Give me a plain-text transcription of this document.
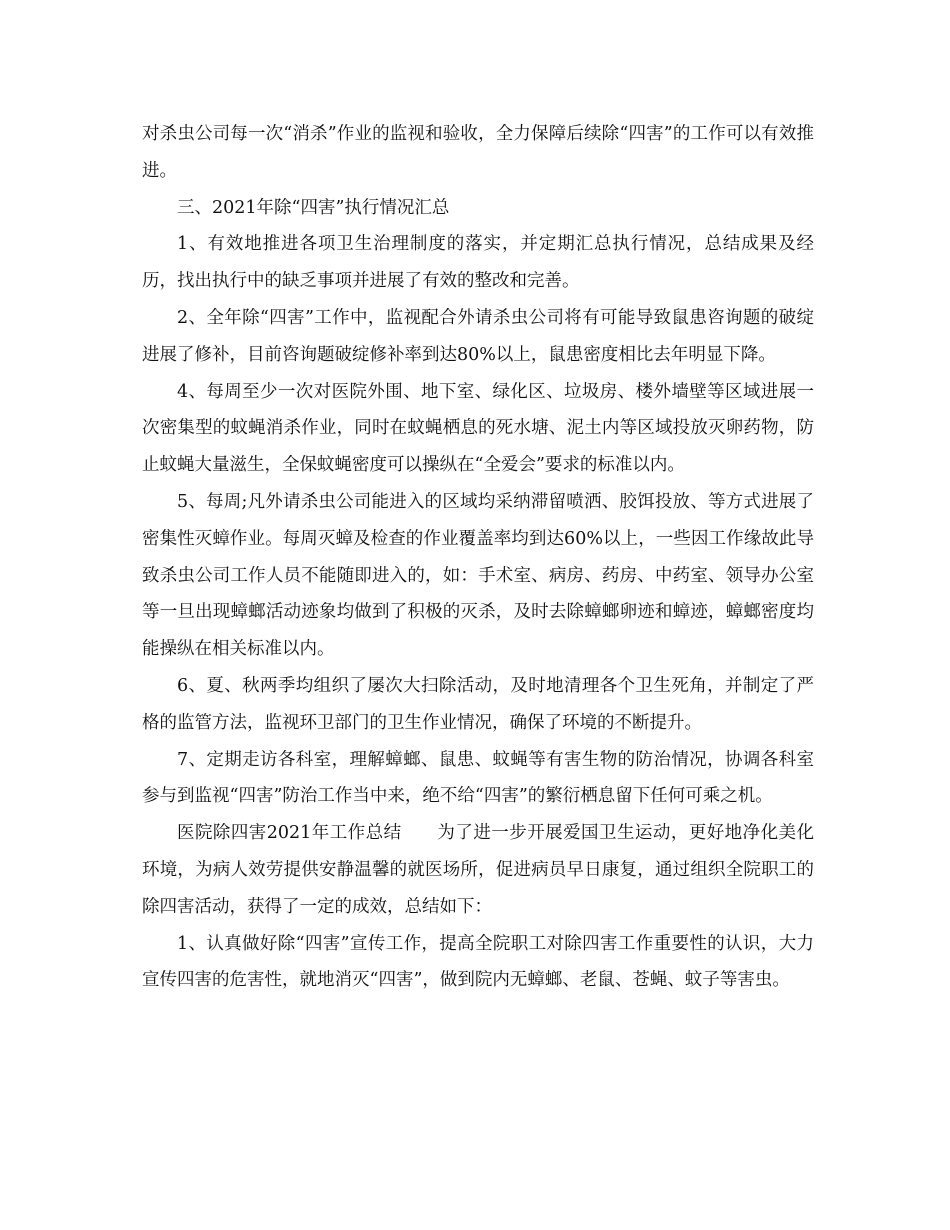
对杀虫公司每一次“消杀”作业的监视和验收，全力保障后续除“四害”的工作可以有效推进。

三、2021年除“四害”执行情况汇总

1、有效地推进各项卫生治理制度的落实，并定期汇总执行情况，总结成果及经历，找出执行中的缺乏事项并进展了有效的整改和完善。

2、全年除“四害”工作中，监视配合外请杀虫公司将有可能导致鼠患咨询题的破绽进展了修补，目前咨询题破绽修补率到达80%以上，鼠患密度相比去年明显下降。

4、每周至少一次对医院外围、地下室、绿化区、垃圾房、楼外墙壁等区域进展一次密集型的蚊蝇消杀作业，同时在蚊蝇栖息的死水塘、泥土内等区域投放灭卵药物，防止蚊蝇大量滋生，全保蚊蝇密度可以操纵在“全爱会”要求的标准以内。

5、每周;凡外请杀虫公司能进入的区域均采纳滞留喷洒、胶饵投放、等方式进展了密集性灭蟑作业。每周灭蟑及检查的作业覆盖率均到达60%以上，一些因工作缘故此导致杀虫公司工作人员不能随即进入的，如：手术室、病房、药房、中药室、领导办公室等一旦出现蟑螂活动迹象均做到了积极的灭杀，及时去除蟑螂卵迹和蟑迹，蟑螂密度均能操纵在相关标准以内。

6、夏、秋两季均组织了屡次大扫除活动，及时地清理各个卫生死角，并制定了严格的监管方法，监视环卫部门的卫生作业情况，确保了环境的不断提升。

7、定期走访各科室，理解蟑螂、鼠患、蚊蝇等有害生物的防治情况，协调各科室参与到监视“四害”防治工作当中来，绝不给“四害”的繁衍栖息留下任何可乘之机。

医院除四害2021年工作总结　　为了进一步开展爱国卫生运动，更好地净化美化环境，为病人效劳提供安静温馨的就医场所，促进病员早日康复，通过组织全院职工的除四害活动，获得了一定的成效，总结如下：

1、认真做好除“四害”宣传工作，提高全院职工对除四害工作重要性的认识，大力宣传四害的危害性，就地消灭“四害”，做到院内无蟑螂、老鼠、苍蝇、蚊子等害虫。
